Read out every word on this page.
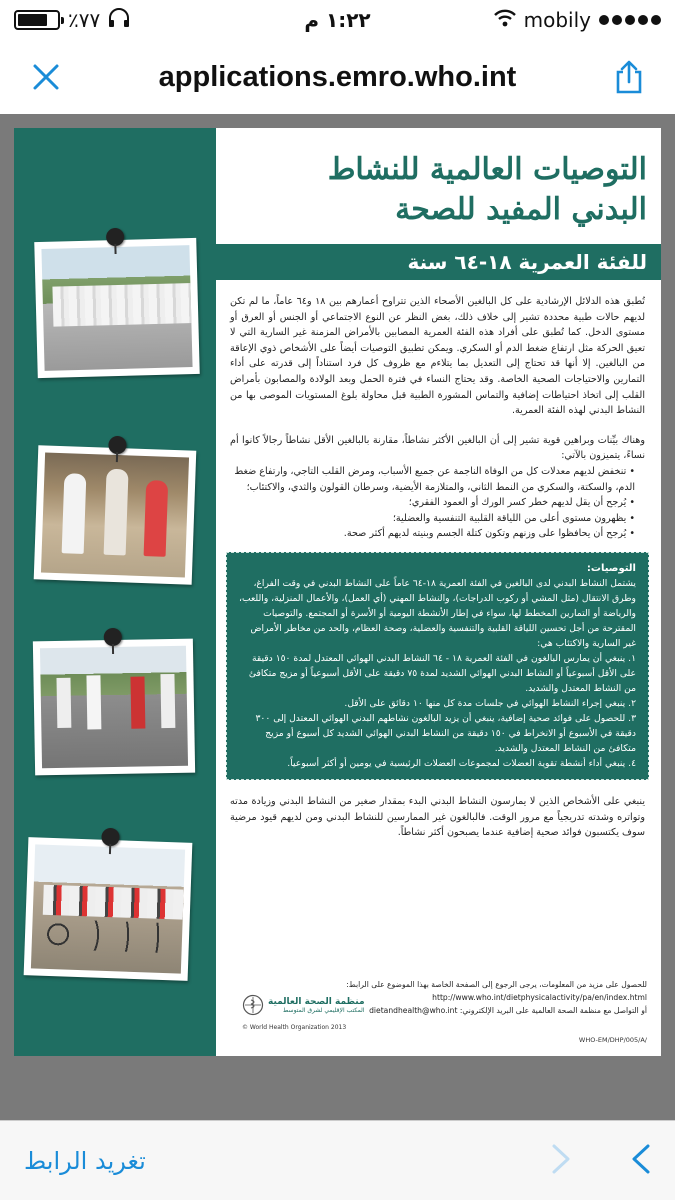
٪٧٧	١:٢٢ م	mobily
applications.emro.who.int
التوصيات العالمية للنشاط
البدني المفيد للصحة
للفئة العمرية ١٨-٦٤ سنة

تُطبق هذه الدلائل الإرشادية على كل البالغين الأصحاء الذين تتراوح أعمارهم بين ١٨ و٦٤ عاماً، ما لم تكن لديهم حالات طبية محددة تشير إلى خلاف ذلك، بغض النظر عن النوع الاجتماعي أو الجنس أو العرق أو مستوى الدخل. كما تُطبق على أفراد هذه الفئة العمرية المصابين بالأمراض المزمنة غير السارية التي لا تعيق الحركة مثل ارتفاع ضغط الدم أو السكري. ويمكن تطبيق التوصيات أيضاً على الأشخاص ذوي الإعاقة من البالغين. إلا أنها قد تحتاج إلى التعديل بما يتلاءم مع ظروف كل فرد استناداً إلى قدرته على أداء التمارين والاحتياجات الصحية الخاصة. وقد يحتاج النساء في فترة الحمل وبعد الولادة والمصابون بأمراض القلب إلى اتخاذ احتياطات إضافية والتماس المشورة الطبية قبل محاولة بلوغ المستويات الموصى بها من النشاط البدني لهذه الفئة العمرية.

وهناك بيِّنات وبراهين قوية تشير إلى أن البالغين الأكثر نشاطاً، مقارنة بالبالغين الأقل نشاطاً رجالاً كانوا أم نساءً، يتميزون بالآتي:

• تنخفض لديهم معدلات كل من الوفاة الناجمة عن جميع الأسباب، ومرض القلب التاجي، وارتفاع ضغط الدم، والسكتة، والسكري من النمط الثاني، والمتلازمة الأيضية، وسرطان القولون والثدي، والاكتئاب؛
• يُرجح أن يقل لديهم خطر كسر الورك أو العمود الفقري؛
• يظهرون مستوى أعلى من اللياقة القلبية التنفسية والعضلية؛
• يُرجح أن يحافظوا على وزنهم وتكون كتلة الجسم وبنيته لديهم أكثر صحة.
التوصيات:
يشتمل النشاط البدني لدى البالغين في الفئة العمرية ١٨-٦٤ عاماً على النشاط البدني في وقت الفراغ، وطرق الانتقال (مثل المشي أو ركوب الدراجات)، والنشاط المهني (أي العمل)، والأعمال المنزلية، واللعب، والرياضة أو التمارين المخطط لها، سواء في إطار الأنشطة اليومية أو الأسرة أو المجتمع. والتوصيات المقترحة من أجل تحسين اللياقة القلبية والتنفسية والعضلية، وصحة العظام، والحد من مخاطر الأمراض غير السارية والاكتئاب هي:
١. ينبغي أن يمارس البالغون في الفئة العمرية ١٨ - ٦٤ النشاط البدني الهوائي المعتدل لمدة ١٥٠ دقيقة على الأقل أسبوعياً أو النشاط البدني الهوائي الشديد لمدة ٧٥ دقيقة على الأقل أسبوعياً أو مزيج متكافئ من النشاط المعتدل والشديد.
٢. ينبغي إجراء النشاط الهوائي في جلسات مدة كل منها ١٠ دقائق على الأقل.
٣. للحصول على فوائد صحية إضافية، ينبغي أن يزيد البالغون نشاطهم البدني الهوائي المعتدل إلى ٣٠٠ دقيقة في الأسبوع أو الانخراط في ١٥٠ دقيقة من النشاط البدني الهوائي الشديد كل أسبوع أو مزيج متكافئ من النشاط المعتدل والشديد.
٤. ينبغي أداء أنشطة تقوية العضلات لمجموعات العضلات الرئيسية في يومين أو أكثر أسبوعياً.

ينبغي على الأشخاص الذين لا يمارسون النشاط البدني البدء بمقدار صغير من النشاط البدني وزيادة مدته وتواتره وشدته تدريجياً مع مرور الوقت. فالبالغون غير الممارسين للنشاط البدني ومن لديهم قيود مرضية سوف يكتسبون فوائد صحية إضافية عندما يصبحون أكثر نشاطاً.

للحصول على مزيد من المعلومات، يرجى الرجوع إلى الصفحة الخاصة بهذا الموضوع على الرابط:
http://www.who.int/dietphysicalactivity/pa/en/index.html
أو التواصل مع منظمة الصحة العالمية على البريد الإلكتروني: dietandhealth@who.int
منظمة الصحة العالمية
المكتب الإقليمي لشرق المتوسط
© World Health Organization 2013
WHO-EM/DHP/005/A/
تغريد الرابط
